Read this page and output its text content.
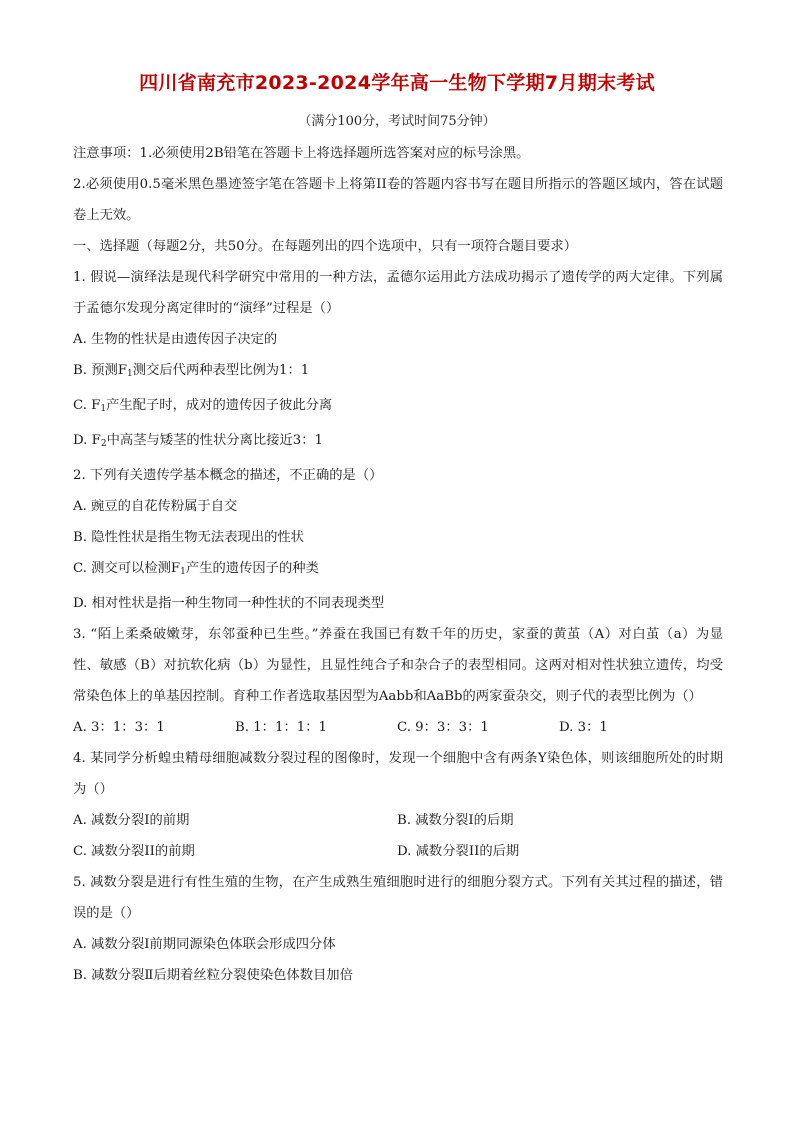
四川省南充市2023-2024学年高一生物下学期7月期末考试
（满分100分，考试时间75分钟）
注意事项：1.必须使用2B铅笔在答题卡上将选择题所选答案对应的标号涂黑。
2.必须使用0.5毫米黑色墨迹签字笔在答题卡上将第II卷的答题内容书写在题目所指示的答题区域内，答在试题卷上无效。
一、选择题（每题2分，共50分。在每题列出的四个选项中，只有一项符合题目要求）
1. 假说—演绎法是现代科学研究中常用的一种方法，孟德尔运用此方法成功揭示了遗传学的两大定律。下列属于孟德尔发现分离定律时的“演绎”过程是（）
A. 生物的性状是由遗传因子决定的
B. 预测$F_1$测交后代两种表型比例为1：1
C. $F_1$产生配子时，成对的遗传因子彼此分离
D. $F_2$中高茎与矮茎的性状分离比接近3：1
2. 下列有关遗传学基本概念的描述，不正确的是（）
A. 豌豆的自花传粉属于自交
B. 隐性性状是指生物无法表现出的性状
C. 测交可以检测$F_1$产生的遗传因子的种类
D. 相对性状是指一种生物同一种性状的不同表现类型
3. “陌上柔桑破嫩芽，东邻蚕种已生些。”养蚕在我国已有数千年的历史，家蚕的黄茧（A）对白茧（a）为显性、敏感（B）对抗软化病（b）为显性，且显性纯合子和杂合子的表型相同。这两对相对性状独立遗传，均受常染色体上的单基因控制。育种工作者选取基因型为Aabb和AaBb的两家蚕杂交，则子代的表型比例为（）
A. 3：1：3：1	B. 1：1：1：1	C. 9：3：3：1	D. 3：1
4. 某同学分析蝗虫精母细胞减数分裂过程的图像时，发现一个细胞中含有两条Y染色体，则该细胞所处的时期为（）
A. 减数分裂Ⅰ的前期	B. 减数分裂Ⅰ的后期
C. 减数分裂II的前期	D. 减数分裂II的后期
5. 减数分裂是进行有性生殖的生物，在产生成熟生殖细胞时进行的细胞分裂方式。下列有关其过程的描述，错误的是（）
A. 减数分裂Ⅰ前期同源染色体联会形成四分体
B. 减数分裂Ⅱ后期着丝粒分裂使染色体数目加倍
